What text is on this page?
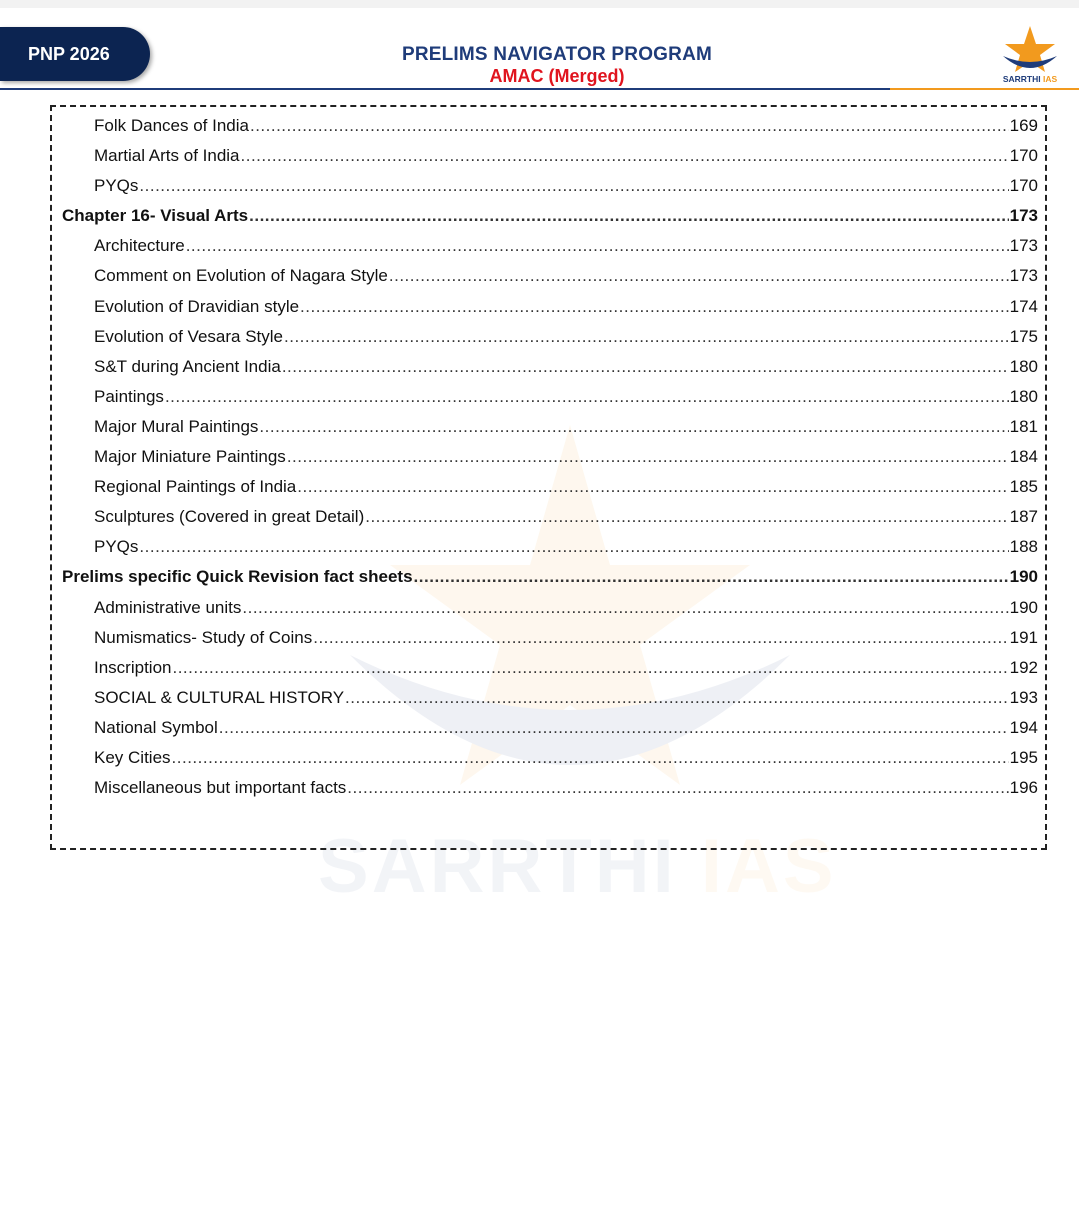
PNP 2026	PRELIMS NAVIGATOR PROGRAM
AMAC (Merged)	SARRTHI IAS
SARRTHI IAS
Folk Dances of India .....	169
Martial Arts of India .....	170
PYQs .....	170
Chapter 16- Visual Arts .....	173
Architecture .....	173
Comment on Evolution of Nagara Style .....	173
Evolution of Dravidian style .....	174
Evolution of Vesara Style .....	175
S&T during Ancient India .....	180
Paintings .....	180
Major Mural Paintings .....	181
Major Miniature Paintings .....	184
Regional Paintings of India .....	185
Sculptures (Covered in great Detail) .....	187
PYQs .....	188
Prelims specific Quick Revision fact sheets .....	190
Administrative units .....	190
Numismatics- Study of Coins .....	191
Inscription .....	192
SOCIAL & CULTURAL HISTORY .....	193
National Symbol .....	194
Key Cities .....	195
Miscellaneous but important facts .....	196
